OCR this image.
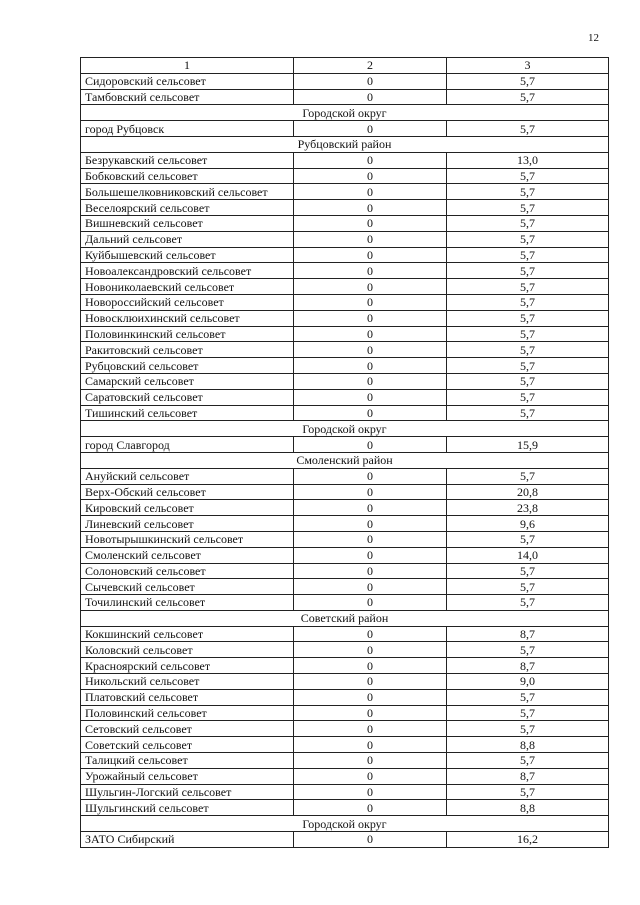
12
1	2	3
Сидоровский сельсовет	0	5,7
Тамбовский сельсовет	0	5,7
Городской округ		
город Рубцовск	0	5,7
Рубцовский район		
Безрукавский сельсовет	0	13,0
Бобковский сельсовет	0	5,7
Большешелковниковский сельсовет	0	5,7
Веселоярский сельсовет	0	5,7
Вишневский сельсовет	0	5,7
Дальний сельсовет	0	5,7
Куйбышевский сельсовет	0	5,7
Новоалександровский сельсовет	0	5,7
Новониколаевский сельсовет	0	5,7
Новороссийский сельсовет	0	5,7
Новосклюихинский сельсовет	0	5,7
Половинкинский сельсовет	0	5,7
Ракитовский сельсовет	0	5,7
Рубцовский сельсовет	0	5,7
Самарский сельсовет	0	5,7
Саратовский сельсовет	0	5,7
Тишинский сельсовет	0	5,7
Городской округ		
город Славгород	0	15,9
Смоленский район		
Ануйский сельсовет	0	5,7
Верх-Обский сельсовет	0	20,8
Кировский сельсовет	0	23,8
Линевский сельсовет	0	9,6
Новотырышкинский сельсовет	0	5,7
Смоленский сельсовет	0	14,0
Солоновский сельсовет	0	5,7
Сычевский сельсовет	0	5,7
Точилинский сельсовет	0	5,7
Советский район		
Кокшинский сельсовет	0	8,7
Коловский сельсовет	0	5,7
Красноярский сельсовет	0	8,7
Никольский сельсовет	0	9,0
Платовский сельсовет	0	5,7
Половинский сельсовет	0	5,7
Сетовский сельсовет	0	5,7
Советский сельсовет	0	8,8
Талицкий сельсовет	0	5,7
Урожайный сельсовет	0	8,7
Шульгин-Логский сельсовет	0	5,7
Шульгинский сельсовет	0	8,8
Городской округ		
ЗАТО Сибирский	0	16,2
